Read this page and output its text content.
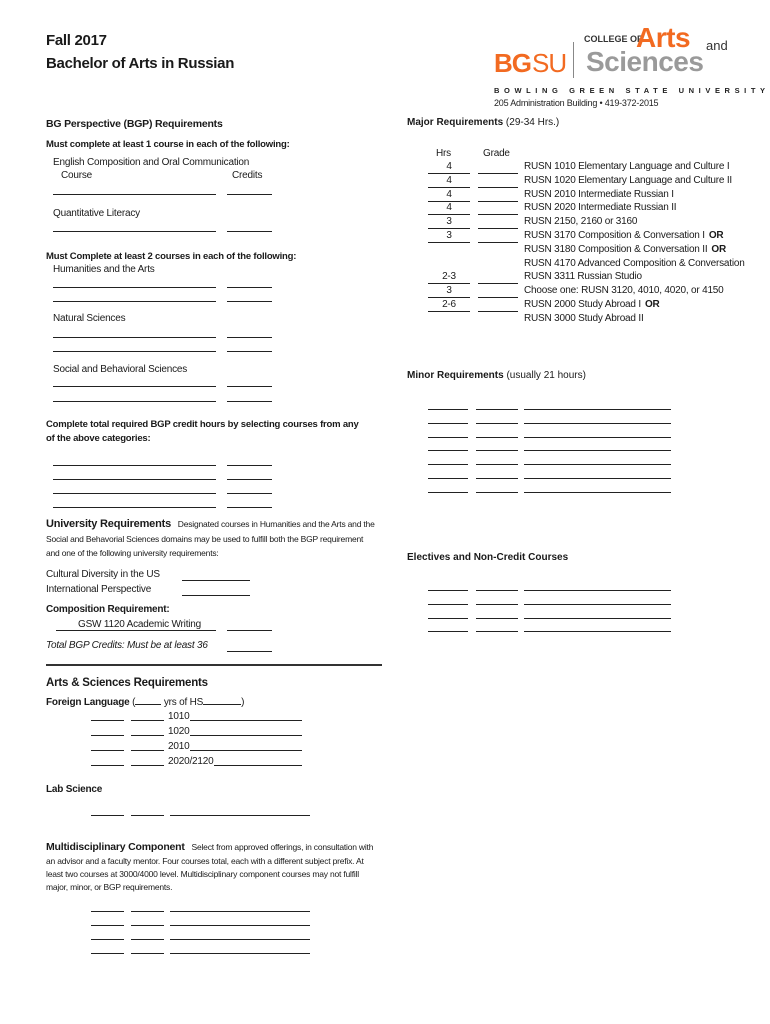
Fall 2017
Bachelor of Arts in Russian	BG SU
COLLEGE OF
Arts and
Sciences
BOWLING GREEN STATE UNIVERSITY
205 Administration Building • 419-372-2015
BG Perspective (BGP) Requirements
Must complete at least 1 course in each of the following:
English Composition and Oral Communication
Course	Credits
Quantitative Literacy
Must Complete at least 2 courses in each of the following:
Humanities and the Arts
Natural Sciences
Social and Behavioral Sciences
Complete total required BGP credit hours by selecting courses from any
of the above categories:
University Requirements Designated courses in Humanities and the Arts and the
Social and Behavorial Sciences domains may be used to fulfill both the BGP requirement
and one of the following university requirements:
Cultural Diversity in the US
International Perspective
Composition Requirement:
GSW 1120 Academic Writing
Total BGP Credits: Must be at least 36
Arts & Sciences Requirements
Foreign Language (	yrs of HS	)
1010
1020
2010
2020/2120
Lab Science
Multidisciplinary Component Select from approved offerings, in consultation with
an advisor and a faculty mentor. Four courses total, each with a different subject prefix. At
least two courses at 3000/4000 level. Multidisciplinary component courses may not fulfill
major, minor, or BGP requirements.
Major Requirements (29-34 Hrs.)
Hrs	Grade
4	RUSN 1010 Elementary Language and Culture I
4	RUSN 1020 Elementary Language and Culture II
4	RUSN 2010 Intermediate Russian I
4	RUSN 2020 Intermediate Russian II
3	RUSN 2150, 2160 or 3160
3	RUSN 3170 Composition & Conversation I OR
RUSN 3180 Composition & Conversation II OR
RUSN 4170 Advanced Composition & Conversation
2-3	RUSN 3311 Russian Studio
3	Choose one: RUSN 3120, 4010, 4020, or 4150
2-6	RUSN 2000 Study Abroad I OR
RUSN 3000 Study Abroad II
Minor Requirements (usually 21 hours)
Electives and Non-Credit Courses
